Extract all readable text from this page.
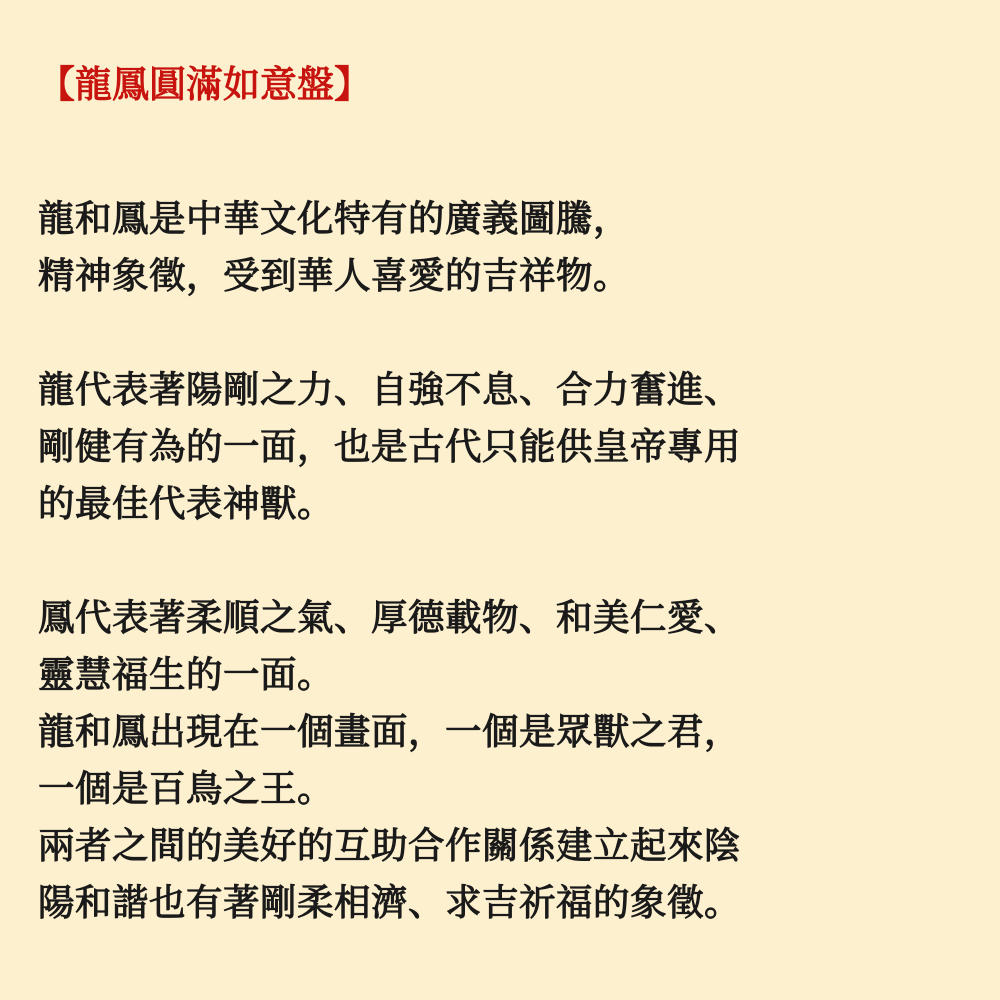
【龍鳳圓滿如意盤】
龍和鳳是中華文化特有的廣義圖騰，
精神象徵，受到華人喜愛的吉祥物。
龍代表著陽剛之力、自強不息、合力奮進、
剛健有為的一面，也是古代只能供皇帝專用
的最佳代表神獸。
鳳代表著柔順之氣、厚德載物、和美仁愛、
靈慧福生的一面。
龍和鳳出現在一個畫面，一個是眾獸之君，
一個是百鳥之王。
兩者之間的美好的互助合作關係建立起來陰
陽和諧也有著剛柔相濟、求吉祈福的象徵。
